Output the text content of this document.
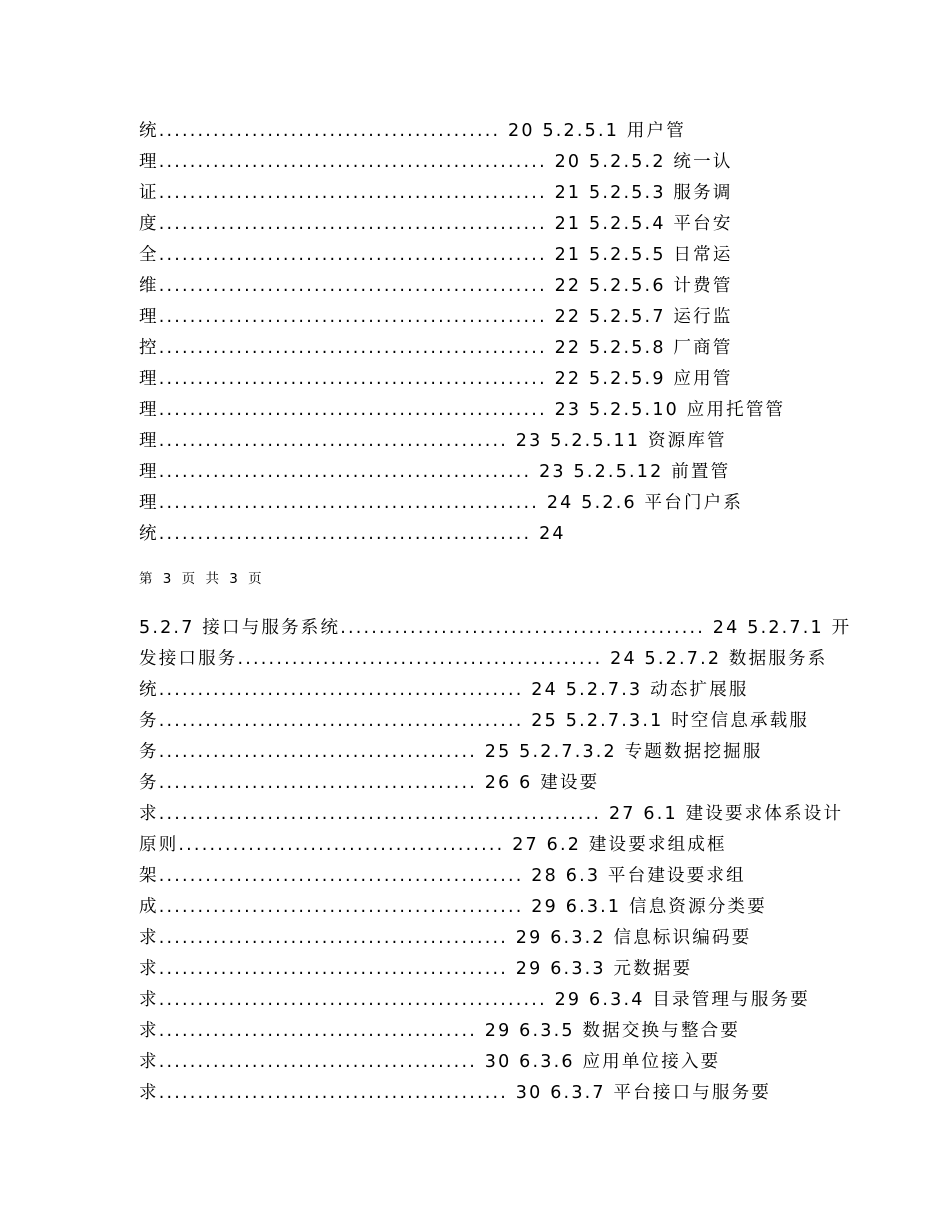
统............................................ 20 5.2.5.1 用户管
理.................................................. 20 5.2.5.2 统一认
证.................................................. 21 5.2.5.3 服务调
度.................................................. 21 5.2.5.4 平台安
全.................................................. 21 5.2.5.5 日常运
维.................................................. 22 5.2.5.6 计费管
理.................................................. 22 5.2.5.7 运行监
控.................................................. 22 5.2.5.8 厂商管
理.................................................. 22 5.2.5.9 应用管
理.................................................. 23 5.2.5.10 应用托管管
理............................................. 23 5.2.5.11 资源库管
理................................................ 23 5.2.5.12 前置管
理................................................. 24 5.2.6 平台门户系
统................................................ 24
第 3 页 共 3 页
5.2.7 接口与服务系统............................................... 24 5.2.7.1 开
发接口服务............................................... 24 5.2.7.2 数据服务系
统............................................... 24 5.2.7.3 动态扩展服
务............................................... 25 5.2.7.3.1 时空信息承载服
务......................................... 25 5.2.7.3.2 专题数据挖掘服
务......................................... 26 6 建设要
求......................................................... 27 6.1 建设要求体系设计
原则.......................................... 27 6.2 建设要求组成框
架............................................... 28 6.3 平台建设要求组
成............................................... 29 6.3.1 信息资源分类要
求............................................. 29 6.3.2 信息标识编码要
求............................................. 29 6.3.3 元数据要
求.................................................. 29 6.3.4 目录管理与服务要
求......................................... 29 6.3.5 数据交换与整合要
求......................................... 30 6.3.6 应用单位接入要
求............................................. 30 6.3.7 平台接口与服务要
